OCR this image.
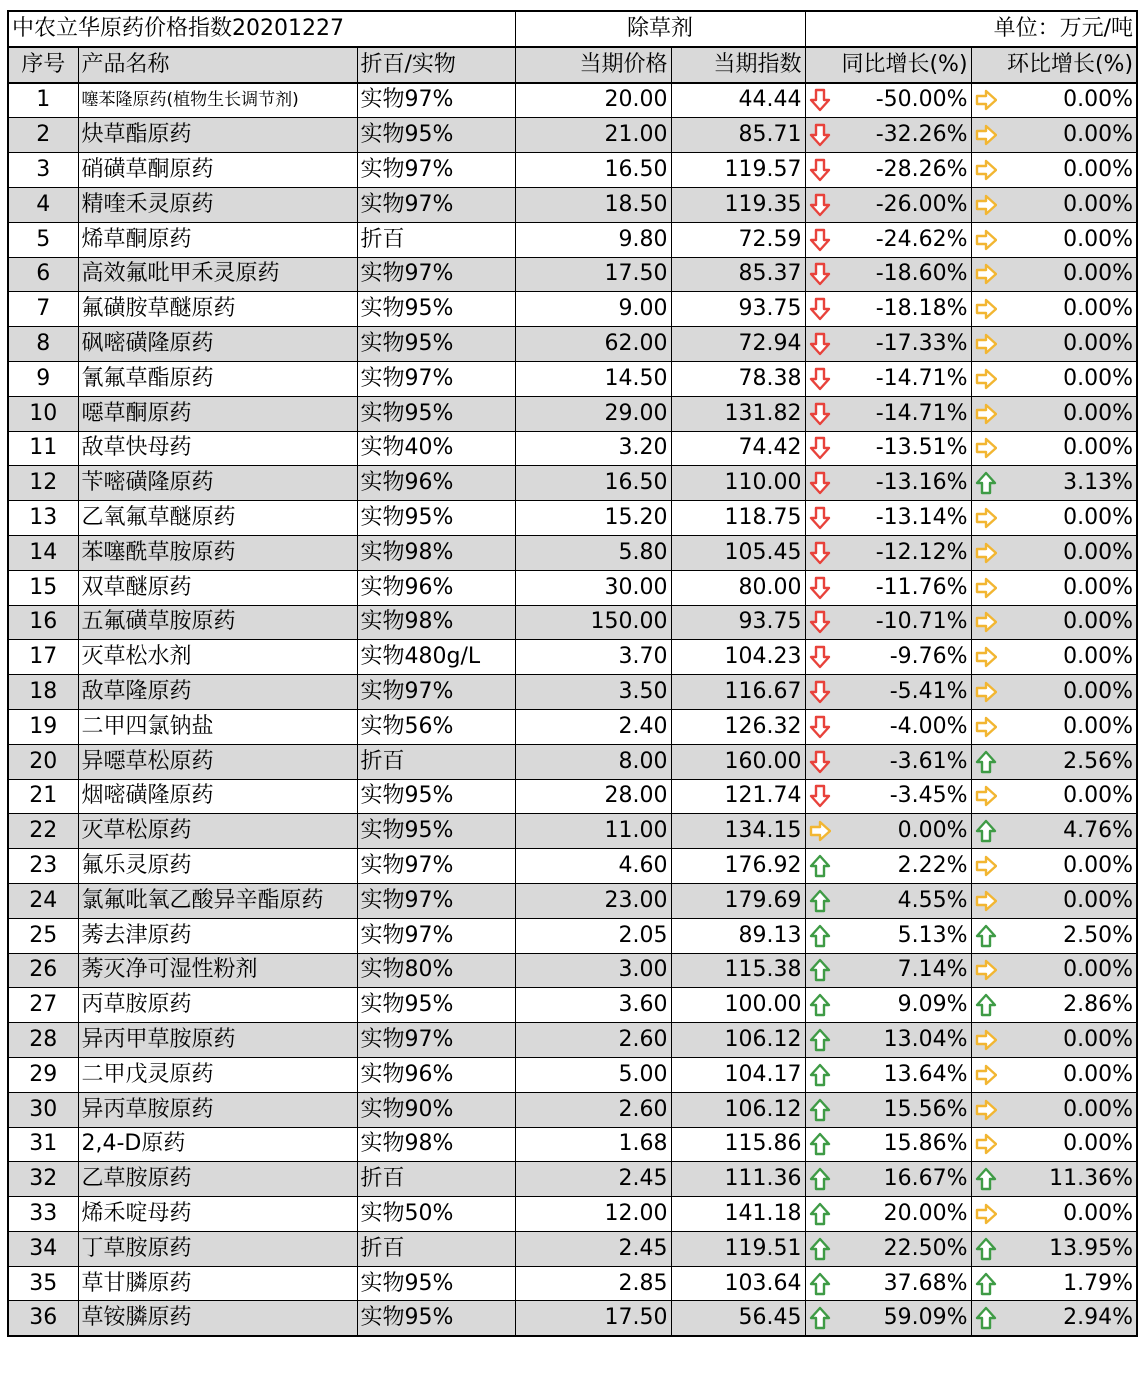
中农立华原药价格指数20201227			除草剂		单位：万元/吨	
序号	产品名称	折百/实物	当期价格	当期指数	同比增长(%)	环比增长(%)
1	噻苯隆原药(植物生长调节剂)	实物97%	20.00	44.44	-50.00%	0.00%

2	炔草酯原药	实物95%	21.00	85.71	-32.26%	0.00%

3	硝磺草酮原药	实物97%	16.50	119.57	-28.26%	0.00%

4	精喹禾灵原药	实物97%	18.50	119.35	-26.00%	0.00%

5	烯草酮原药	折百	9.80	72.59	-24.62%	0.00%

6	高效氟吡甲禾灵原药	实物97%	17.50	85.37	-18.60%	0.00%

7	氟磺胺草醚原药	实物95%	9.00	93.75	-18.18%	0.00%

8	砜嘧磺隆原药	实物95%	62.00	72.94	-17.33%	0.00%

9	氰氟草酯原药	实物97%	14.50	78.38	-14.71%	0.00%

10	噁草酮原药	实物95%	29.00	131.82	-14.71%	0.00%

11	敌草快母药	实物40%	3.20	74.42	-13.51%	0.00%

12	苄嘧磺隆原药	实物96%	16.50	110.00	-13.16%	3.13%

13	乙氧氟草醚原药	实物95%	15.20	118.75	-13.14%	0.00%

14	苯噻酰草胺原药	实物98%	5.80	105.45	-12.12%	0.00%

15	双草醚原药	实物96%	30.00	80.00	-11.76%	0.00%

16	五氟磺草胺原药	实物98%	150.00	93.75	-10.71%	0.00%

17	灭草松水剂	实物480g/L	3.70	104.23	-9.76%	0.00%

18	敌草隆原药	实物97%	3.50	116.67	-5.41%	0.00%

19	二甲四氯钠盐	实物56%	2.40	126.32	-4.00%	0.00%

20	异噁草松原药	折百	8.00	160.00	-3.61%	2.56%

21	烟嘧磺隆原药	实物95%	28.00	121.74	-3.45%	0.00%

22	灭草松原药	实物95%	11.00	134.15	0.00%	4.76%

23	氟乐灵原药	实物97%	4.60	176.92	2.22%	0.00%

24	氯氟吡氧乙酸异辛酯原药	实物97%	23.00	179.69	4.55%	0.00%

25	莠去津原药	实物97%	2.05	89.13	5.13%	2.50%

26	莠灭净可湿性粉剂	实物80%	3.00	115.38	7.14%	0.00%

27	丙草胺原药	实物95%	3.60	100.00	9.09%	2.86%

28	异丙甲草胺原药	实物97%	2.60	106.12	13.04%	0.00%

29	二甲戊灵原药	实物96%	5.00	104.17	13.64%	0.00%

30	异丙草胺原药	实物90%	2.60	106.12	15.56%	0.00%

31	2,4-D原药	实物98%	1.68	115.86	15.86%	0.00%

32	乙草胺原药	折百	2.45	111.36	16.67%	11.36%

33	烯禾啶母药	实物50%	12.00	141.18	20.00%	0.00%

34	丁草胺原药	折百	2.45	119.51	22.50%	13.95%

35	草甘膦原药	实物95%	2.85	103.64	37.68%	1.79%

36	草铵膦原药	实物95%	17.50	56.45	59.09%	2.94%
